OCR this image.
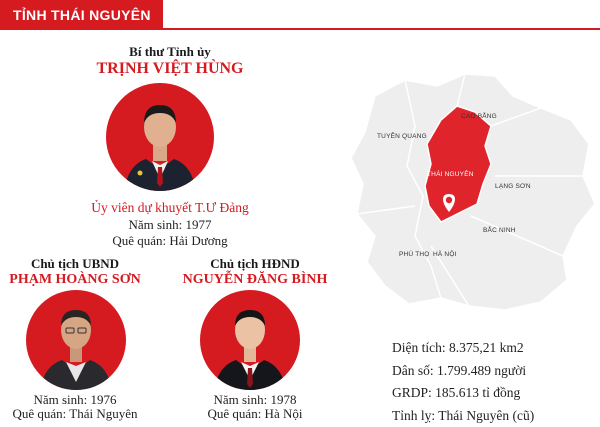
TỈNH THÁI NGUYÊN
Bí thư Tỉnh ủy
TRỊNH VIỆT HÙNG
Ủy viên dự khuyết T.Ư Đảng
Năm sinh: 1977
Quê quán: Hải Dương
Chủ tịch UBND
PHẠM HOÀNG SƠN
Năm sinh: 1976
Quê quán: Thái Nguyên
Chủ tịch HĐND
NGUYỄN ĐĂNG BÌNH
Năm sinh: 1978
Quê quán: Hà Nội
CAO BẰNG
TUYÊN QUANG
THÁI NGUYÊN
LẠNG SƠN
BẮC NINH
PHÚ THỌ HÀ NỘI
Diện tích: 8.375,21 km2
Dân số: 1.799.489 người
GRDP: 185.613 tỉ đồng
Tỉnh lỵ: Thái Nguyên (cũ)
